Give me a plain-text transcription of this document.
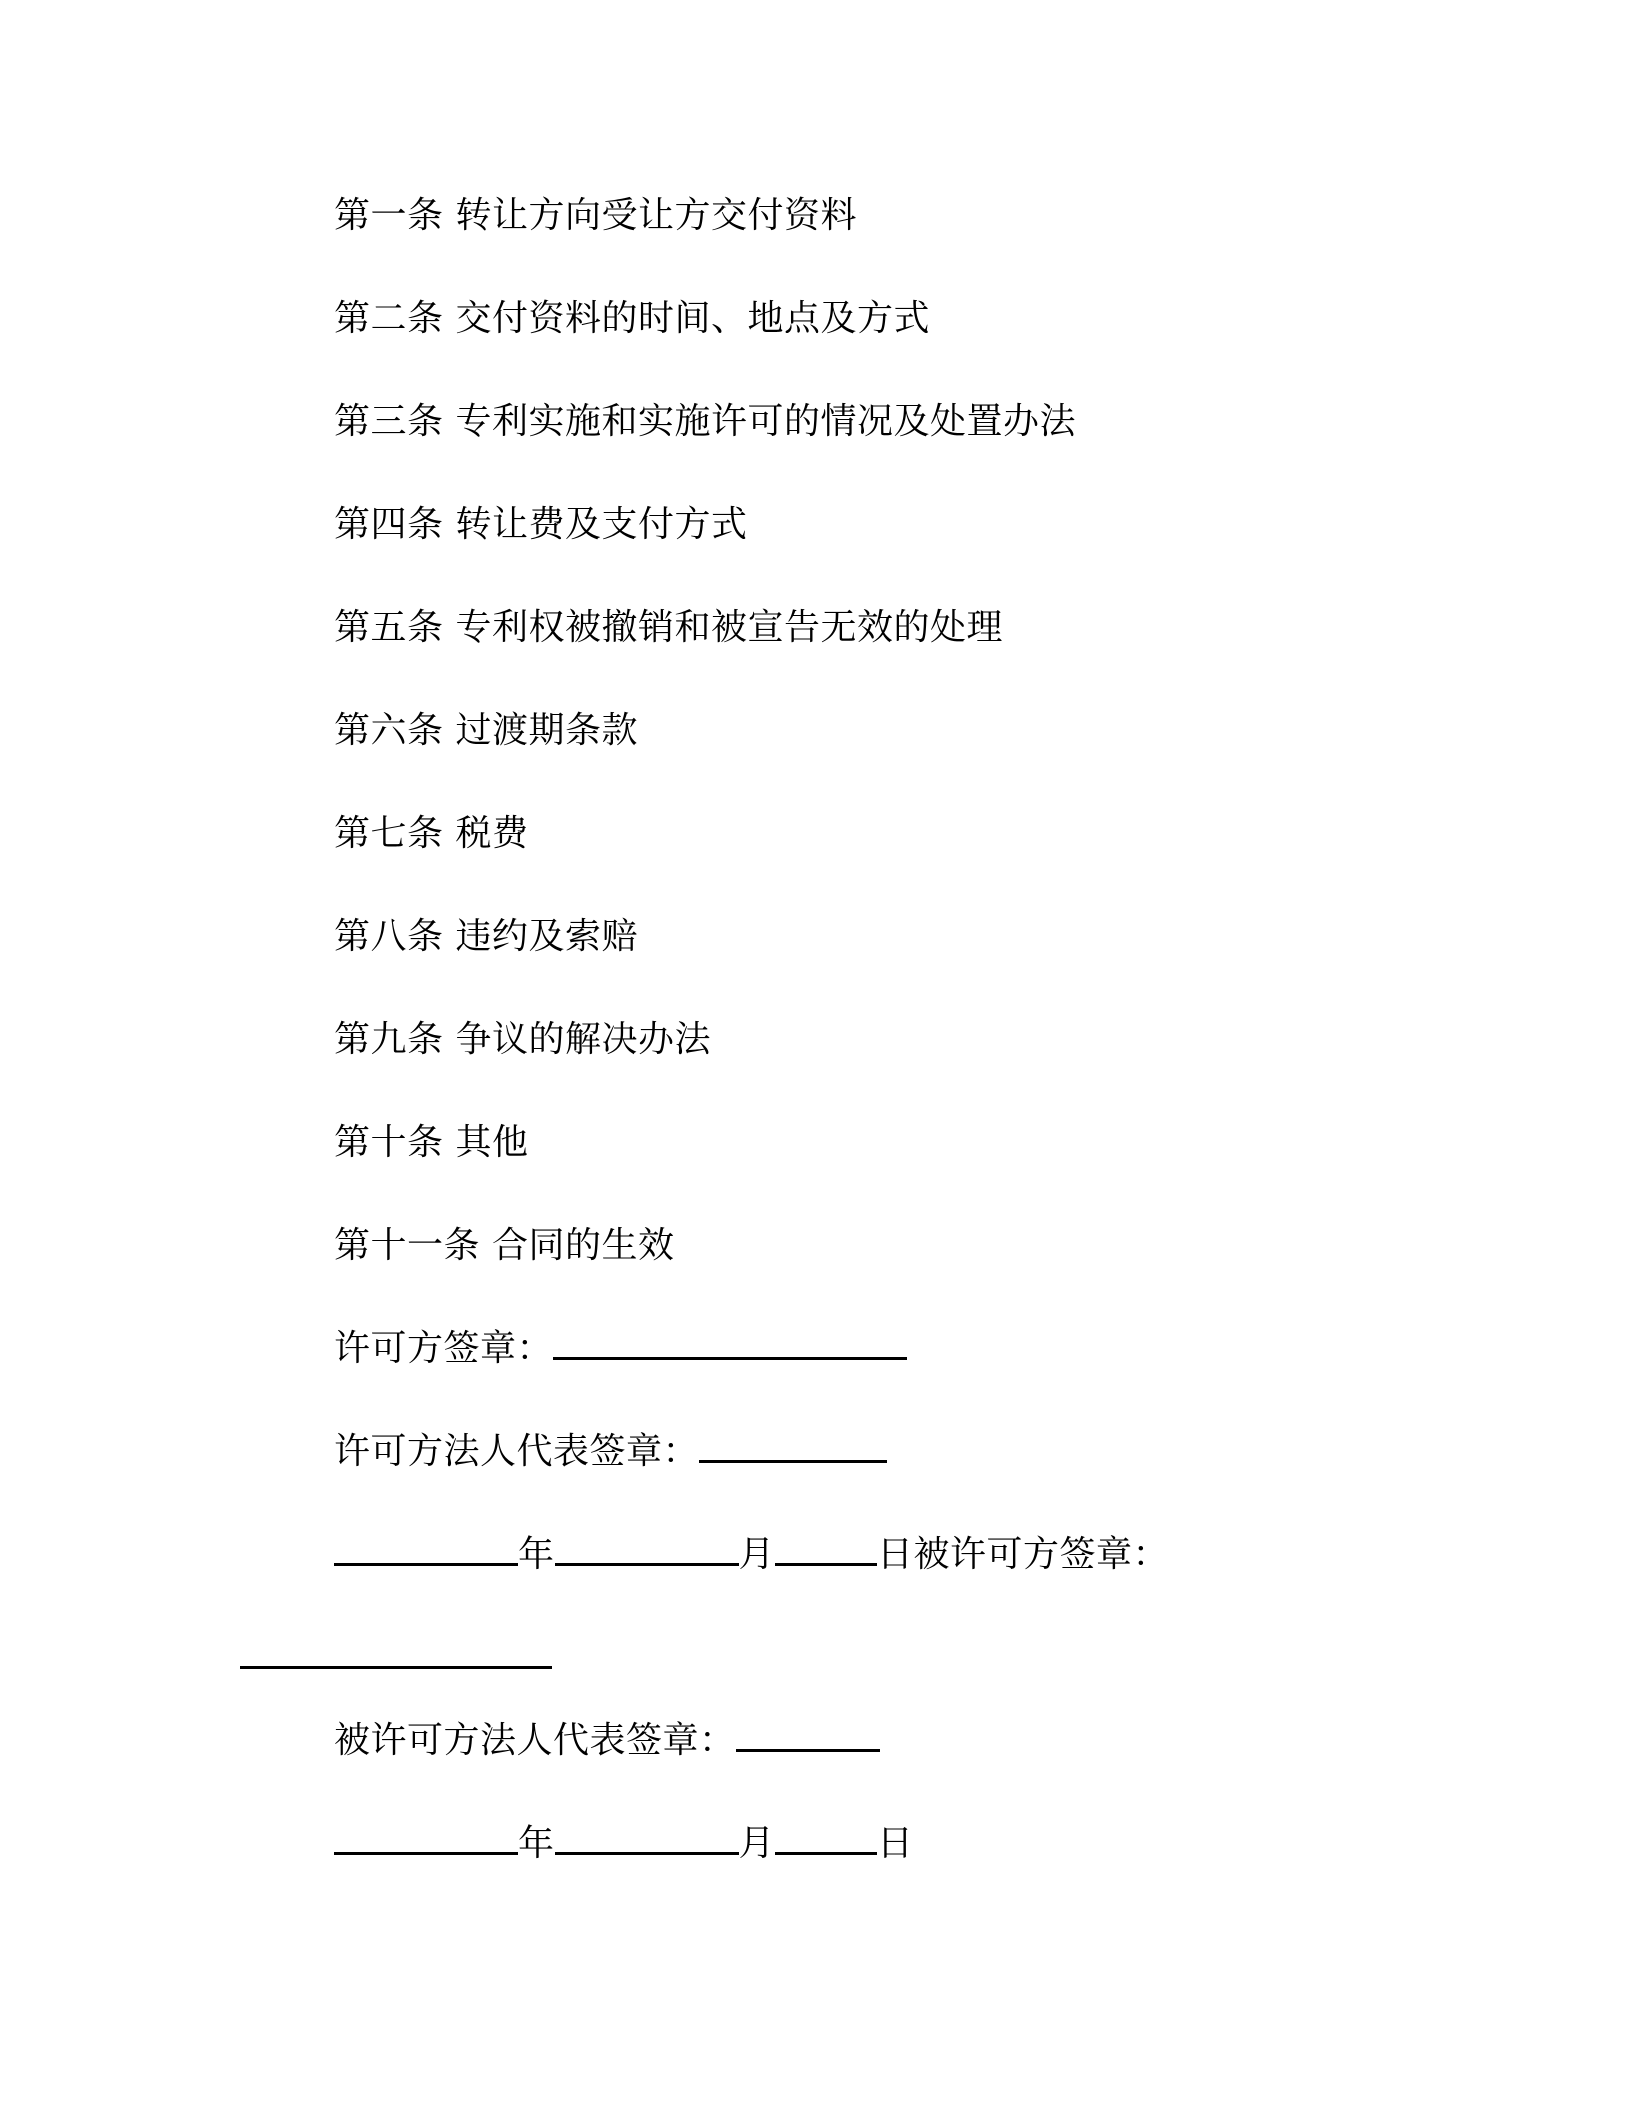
第一条 转让方向受让方交付资料
第二条 交付资料的时间、地点及方式
第三条 专利实施和实施许可的情况及处置办法
第四条 转让费及支付方式
第五条 专利权被撤销和被宣告无效的处理
第六条 过渡期条款
第七条 税费
第八条 违约及索赔
第九条 争议的解决办法
第十条 其他
第十一条 合同的生效
许可方签章：
许可方法人代表签章：
年	月	日被许可方签章：
被许可方法人代表签章：
年	月	日
